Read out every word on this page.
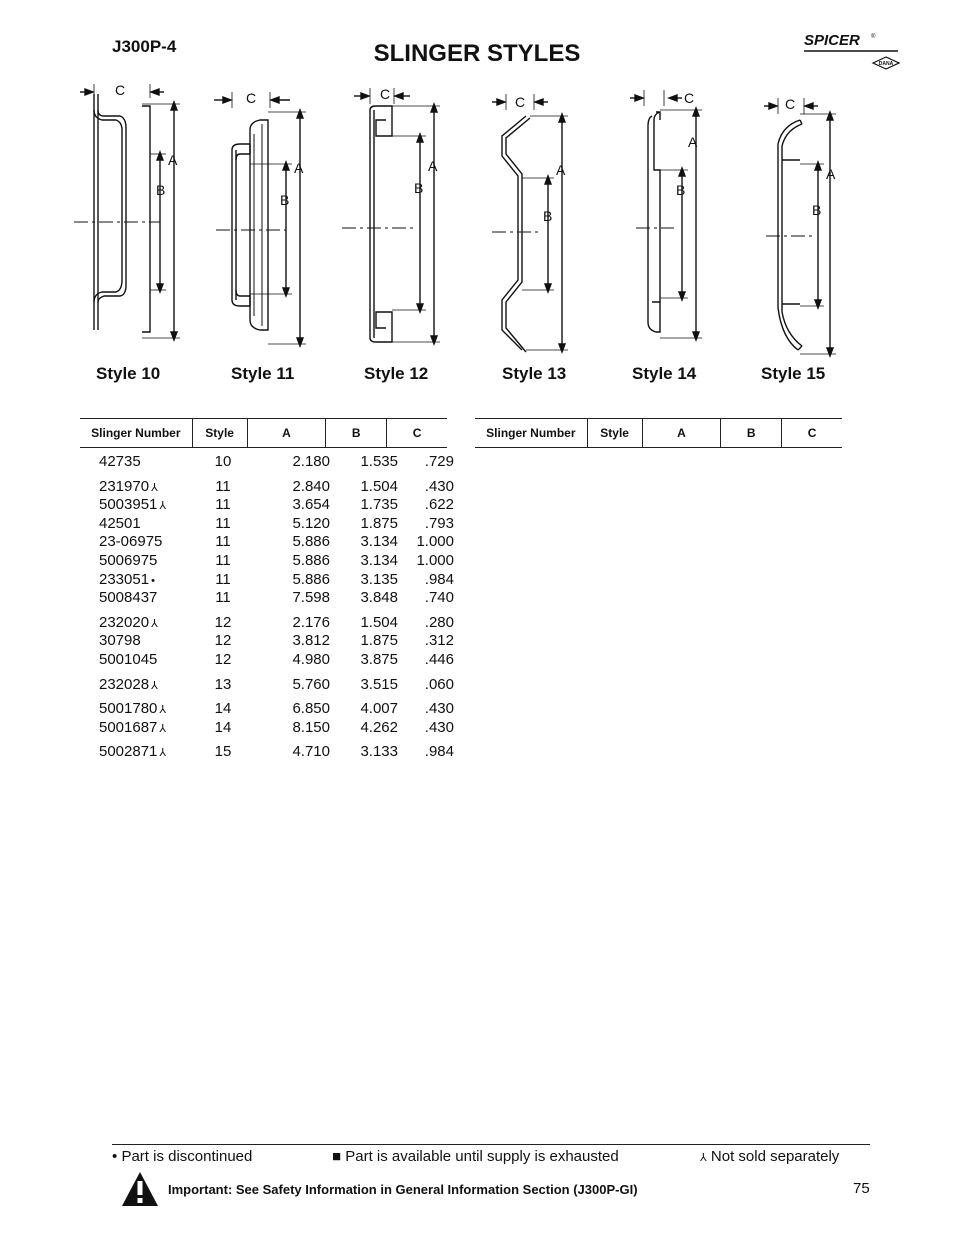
J300P-4	SLINGER STYLES	SPICER ®
DANA
C
A
B
C
A
B
C
A
B
C
A
B
C
A
B
C
A
B
Style 10	Style 11	Style 12	Style 13	Style 14	Style 15
Slinger Number	Style	A	B	C
42735	10	2.180	1.535	.729
231970 ⅄	11	2.840	1.504	.430
5003951 ⅄	11	3.654	1.735	.622
42501	11	5.120	1.875	.793
23-06975	11	5.886	3.134	1.000
5006975	11	5.886	3.134	1.000
233051 •	11	5.886	3.135	.984
5008437	11	7.598	3.848	.740
232020 ⅄	12	2.176	1.504	.280
30798	12	3.812	1.875	.312
5001045	12	4.980	3.875	.446
232028 ⅄	13	5.760	3.515	.060
5001780 ⅄	14	6.850	4.007	.430
5001687 ⅄	14	8.150	4.262	.430
5002871 ⅄	15	4.710	3.133	.984
Slinger Number	Style	A	B	C
• Part is discontinued	■ Part is available until supply is exhausted	⅄ Not sold separately
Important: See Safety Information in General Information Section (J300P-GI)	75
